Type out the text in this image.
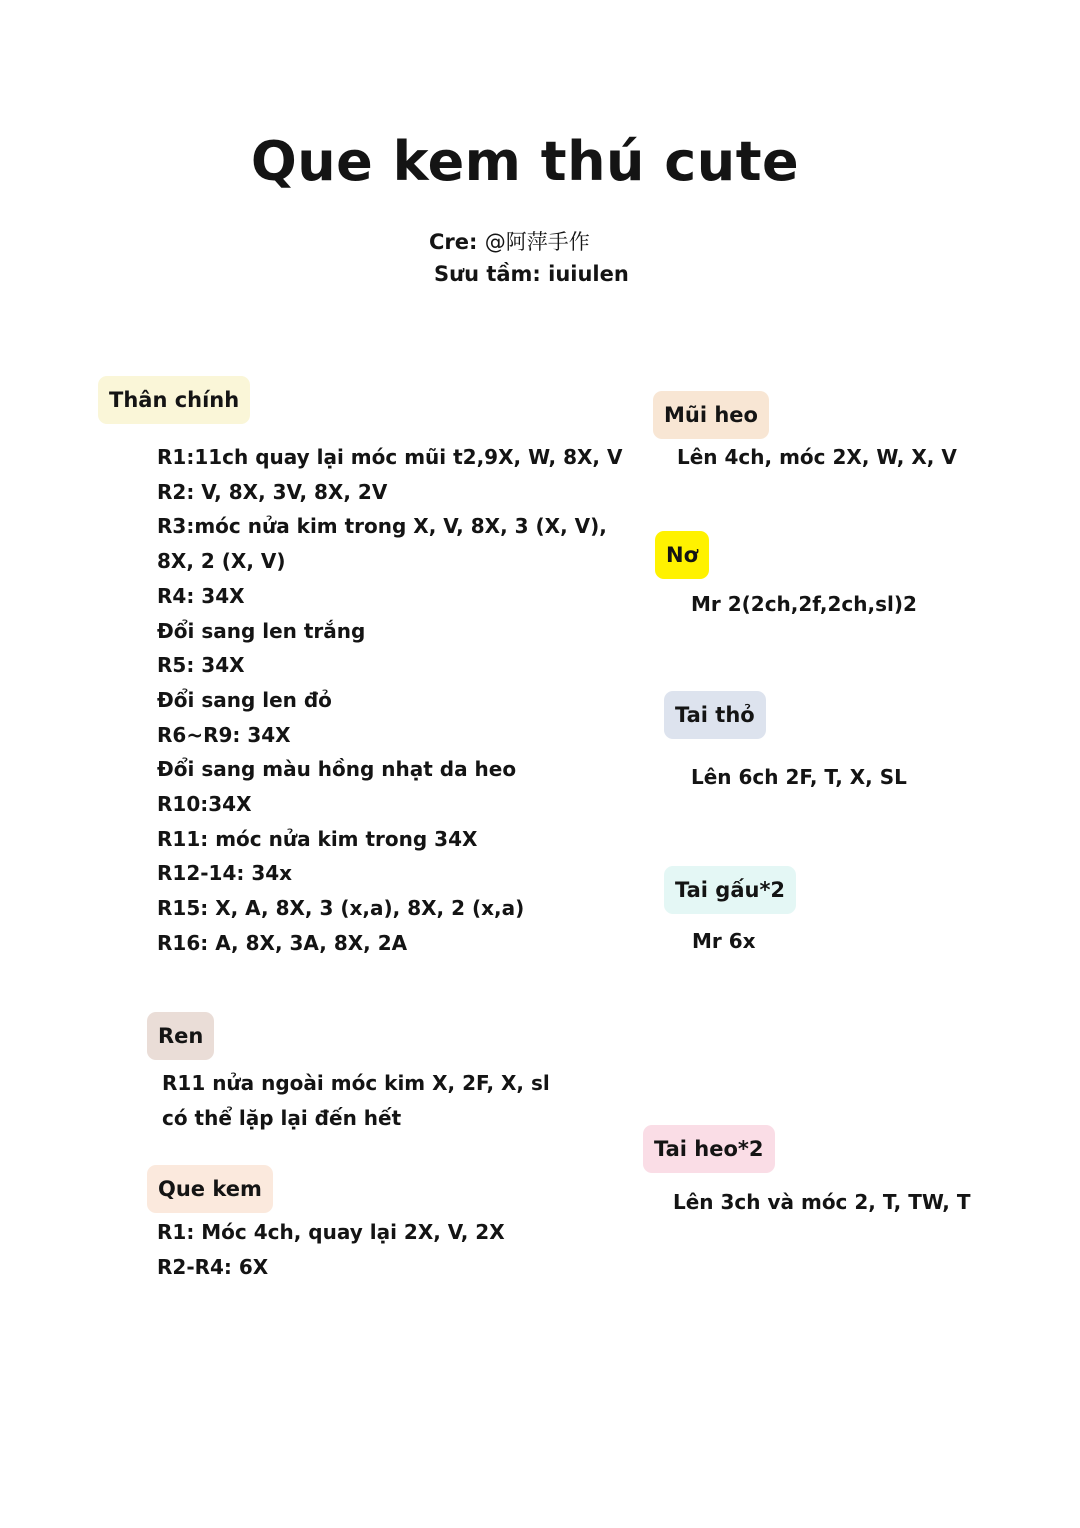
Que kem thú cute
Cre: @阿萍手作
Sưu tầm: iuiulen
Thân chính
R1:11ch quay lại móc mũi t2,9X, W, 8X, V
R2: V, 8X, 3V, 8X, 2V
R3:móc nửa kim trong X, V, 8X, 3 (X, V),
8X, 2 (X, V)
R4: 34X
Đổi sang len trắng
R5: 34X
Đổi sang len đỏ
R6~R9: 34X
Đổi sang màu hồng nhạt da heo
R10:34X
R11: móc nửa kim trong 34X
R12-14: 34x
R15: X, A, 8X, 3 (x,a), 8X, 2 (x,a)
R16: A, 8X, 3A, 8X, 2A
Ren
R11 nửa ngoài móc kim X, 2F, X, sl
có thể lặp lại đến hết
Que kem
R1: Móc 4ch, quay lại 2X, V, 2X
R2-R4: 6X
Mũi heo
Lên 4ch, móc 2X, W, X, V
Nơ
Mr 2(2ch,2f,2ch,sl)2
Tai thỏ
Lên 6ch 2F, T, X, SL
Tai gấu*2
Mr 6x
Tai heo*2
Lên 3ch và móc 2, T, TW, T
